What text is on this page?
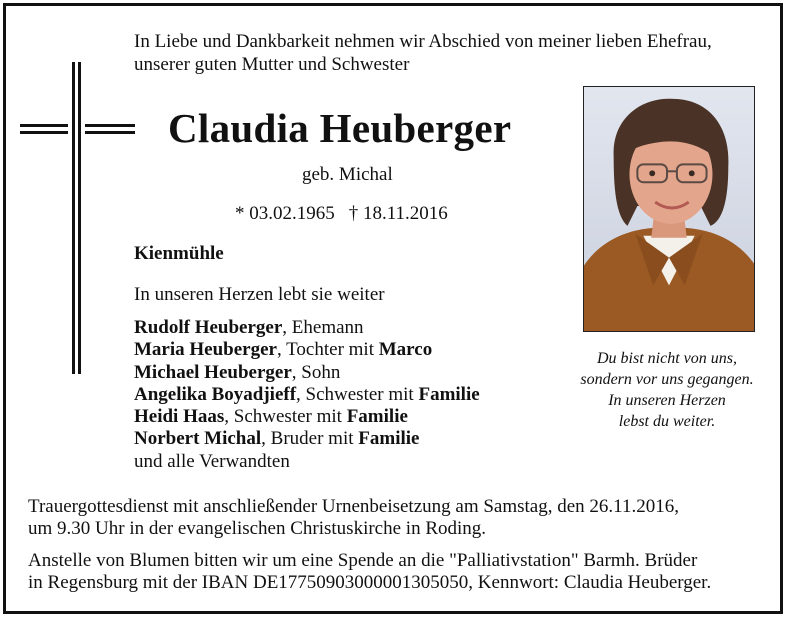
In Liebe und Dankbarkeit nehmen wir Abschied von meiner lieben Ehefrau,
unserer guten Mutter und Schwester
Claudia Heuberger
geb. Michal
* 03.02.1965 † 18.11.2016
Kienmühle
In unseren Herzen lebt sie weiter
Rudolf Heuberger, Ehemann
Maria Heuberger, Tochter mit Marco
Michael Heuberger, Sohn
Angelika Boyadjieff, Schwester mit Familie
Heidi Haas, Schwester mit Familie
Norbert Michal, Bruder mit Familie
und alle Verwandten
Du bist nicht von uns,
sondern vor uns gegangen.
In unseren Herzen
lebst du weiter.
Trauergottesdienst mit anschließender Urnenbeisetzung am Samstag, den 26.11.2016,
um 9.30 Uhr in der evangelischen Christuskirche in Roding.
Anstelle von Blumen bitten wir um eine Spende an die "Palliativstation" Barmh. Brüder
in Regensburg mit der IBAN DE17750903000001305050, Kennwort: Claudia Heuberger.
